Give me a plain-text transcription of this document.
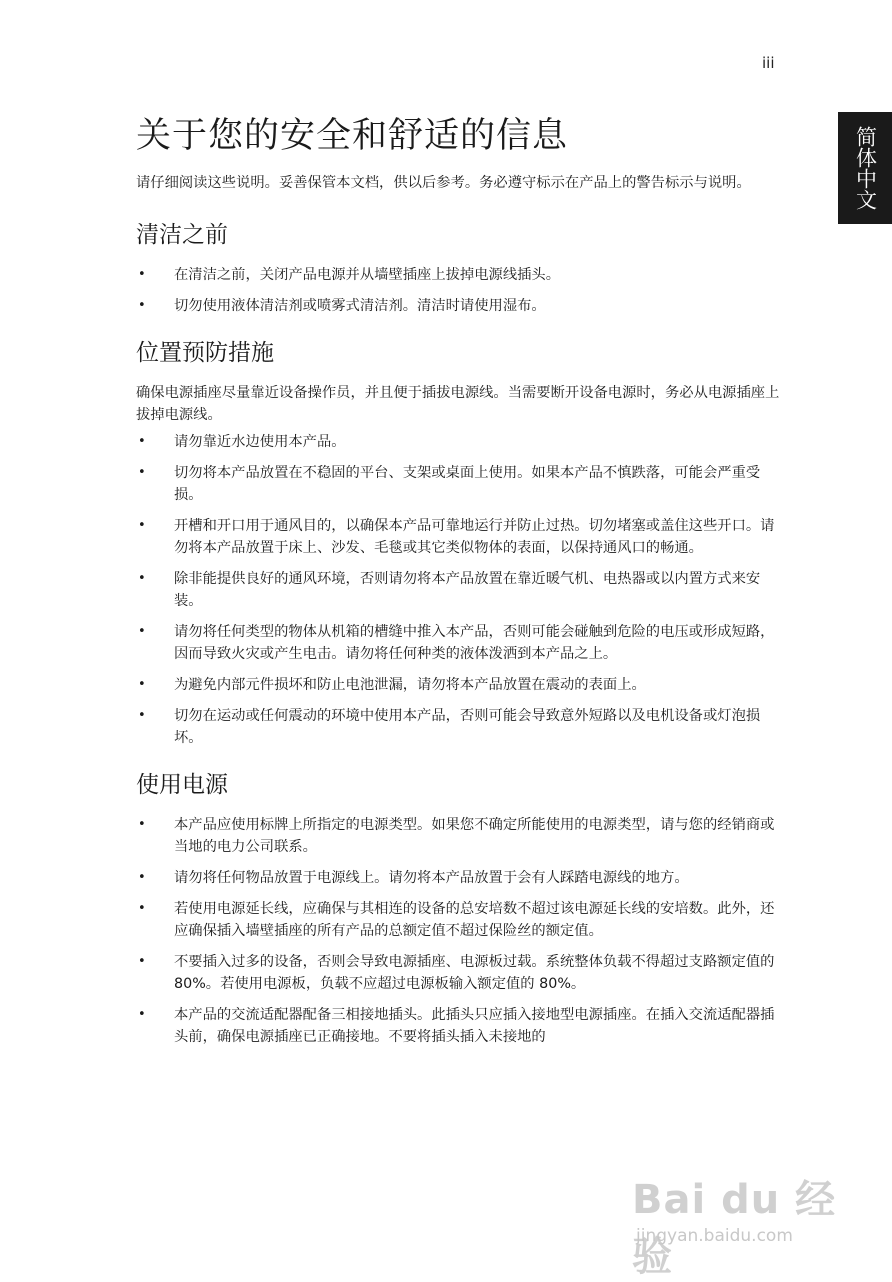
iii
简体中文
关于您的安全和舒适的信息

请仔细阅读这些说明。妥善保管本文档，供以后参考。务必遵守标示在产品上的警告标示与说明。

清洁之前
• 在清洁之前，关闭产品电源并从墙壁插座上拔掉电源线插头。
• 切勿使用液体清洁剂或喷雾式清洁剂。清洁时请使用湿布。
位置预防措施

确保电源插座尽量靠近设备操作员，并且便于插拔电源线。当需要断开设备电源时，务必从电源插座上拔掉电源线。

• 请勿靠近水边使用本产品。
• 切勿将本产品放置在不稳固的平台、支架或桌面上使用。如果本产品不慎跌落，可能会严重受损。
• 开槽和开口用于通风目的，以确保本产品可靠地运行并防止过热。切勿堵塞或盖住这些开口。请勿将本产品放置于床上、沙发、毛毯或其它类似物体的表面，以保持通风口的畅通。
• 除非能提供良好的通风环境，否则请勿将本产品放置在靠近暖气机、电热器或以内置方式来安装。
• 请勿将任何类型的物体从机箱的槽缝中推入本产品，否则可能会碰触到危险的电压或形成短路，因而导致火灾或产生电击。请勿将任何种类的液体泼洒到本产品之上。
• 为避免内部元件损坏和防止电池泄漏，请勿将本产品放置在震动的表面上。
• 切勿在运动或任何震动的环境中使用本产品，否则可能会导致意外短路以及电机设备或灯泡损坏。
使用电源
• 本产品应使用标牌上所指定的电源类型。如果您不确定所能使用的电源类型，请与您的经销商或当地的电力公司联系。
• 请勿将任何物品放置于电源线上。请勿将本产品放置于会有人踩踏电源线的地方。
• 若使用电源延长线，应确保与其相连的设备的总安培数不超过该电源延长线的安培数。此外，还应确保插入墙壁插座的所有产品的总额定值不超过保险丝的额定值。
• 不要插入过多的设备，否则会导致电源插座、电源板过载。系统整体负载不得超过支路额定值的 80%。若使用电源板，负载不应超过电源板输入额定值的 80%。
• 本产品的交流适配器配备三相接地插头。此插头只应插入接地型电源插座。在插入交流适配器插头前，确保电源插座已正确接地。不要将插头插入未接地的
Bai du 经验
jingyan.baidu.com
